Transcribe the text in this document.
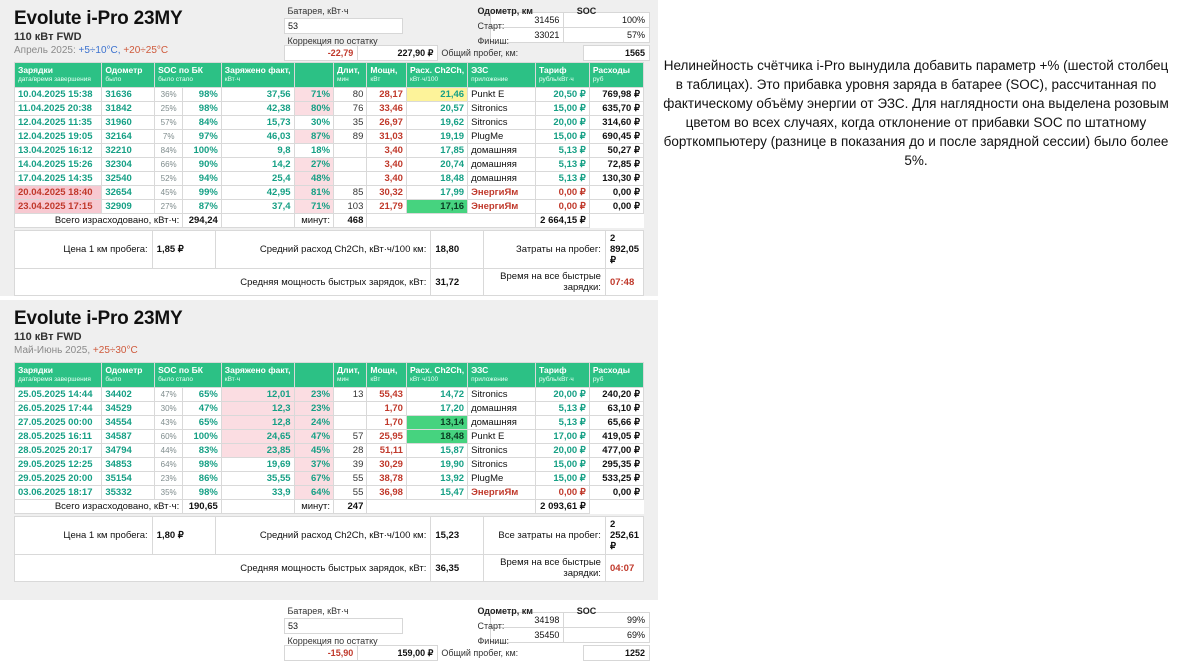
Evolute i-Pro 23MY
110 кВт FWD
Апрель 2025: +5÷10°С, +20÷25°С
Батарея, кВт·ч		Одометр, км	SOC
53		Старт:	
Коррекция по остатку		Финиш:	
		31456	100%
		33021	57%
-22,79	227,90 ₽	Общий пробег, км:	1565
Зарядки
дата/время завершения	Одометр
было	SOC по БК
было стало		Заряжено факт,
кВт·ч		Длит,
мин	Мощн,
кВт	Расх. Ch2Ch,
кВт·ч/100	ЭЗС
приложение	Тариф
рубль/кВт·ч	Расходы
руб

10.04.2025 15:38	31636	36%	98%	37,56	71%	80	28,17	21,46	Punkt E	20,50 ₽	769,98 ₽
11.04.2025 20:38	31842	25%	98%	42,38	80%	76	33,46	20,57	Sitronics	15,00 ₽	635,70 ₽
12.04.2025 11:35	31960	57%	84%	15,73	30%	35	26,97	19,62	Sitronics	20,00 ₽	314,60 ₽
12.04.2025 19:05	32164	7%	97%	46,03	87%	89	31,03	19,19	PlugMe	15,00 ₽	690,45 ₽
13.04.2025 16:12	32210	84%	100%	9,8	18%		3,40	17,85	домашняя	5,13 ₽	50,27 ₽
14.04.2025 15:26	32304	66%	90%	14,2	27%		3,40	20,74	домашняя	5,13 ₽	72,85 ₽
17.04.2025 14:35	32540	52%	94%	25,4	48%		3,40	18,48	домашняя	5,13 ₽	130,30 ₽
20.04.2025 18:40	32654	45%	99%	42,95	81%	85	30,32	17,99	ЭнергиЯм	0,00 ₽	0,00 ₽
23.04.2025 17:15	32909	27%	87%	37,4	71%	103	21,79	17,16	ЭнергиЯм	0,00 ₽	0,00 ₽
Всего израсходовано, кВт·ч:			294,24		минут:	468				2 664,15 ₽	
Цена 1 км пробега:	1,85 ₽	Средний расход Ch2Ch, кВт·ч/100 км:	18,80	Затраты на пробег:	2 892,05 ₽
Средняя мощность быстрых зарядок, кВт:			31,72	Время на все быстрые зарядки:	07:48
Evolute i-Pro 23MY
110 кВт FWD
Май-Июнь 2025, +25÷30°С
Батарея, кВт·ч		Одометр, км	SOC
53		Старт:	
Коррекция по остатку		Финиш:	
		34198	99%
		35450	69%
-15,90	159,00 ₽	Общий пробег, км:	1252
Зарядки
дата/время завершения	Одометр
было	SOC по БК
было стало		Заряжено факт,
кВт·ч		Длит,
мин	Мощн,
кВт	Расх. Ch2Ch,
кВт·ч/100	ЭЗС
приложение	Тариф
рубль/кВт·ч	Расходы
руб

25.05.2025 14:44	34402	47%	65%	12,01	23%	13	55,43	14,72	Sitronics	20,00 ₽	240,20 ₽
26.05.2025 17:44	34529	30%	47%	12,3	23%		1,70	17,20	домашняя	5,13 ₽	63,10 ₽
27.05.2025 00:00	34554	43%	65%	12,8	24%		1,70	13,14	домашняя	5,13 ₽	65,66 ₽
28.05.2025 16:11	34587	60%	100%	24,65	47%	57	25,95	18,48	Punkt E	17,00 ₽	419,05 ₽
28.05.2025 20:17	34794	44%	83%	23,85	45%	28	51,11	15,87	Sitronics	20,00 ₽	477,00 ₽
29.05.2025 12:25	34853	64%	98%	19,69	37%	39	30,29	19,90	Sitronics	15,00 ₽	295,35 ₽
29.05.2025 20:00	35154	23%	86%	35,55	67%	55	38,78	13,92	PlugMe	15,00 ₽	533,25 ₽
03.06.2025 18:17	35332	35%	98%	33,9	64%	55	36,98	15,47	ЭнергиЯм	0,00 ₽	0,00 ₽
Всего израсходовано, кВт·ч:			190,65		минут:	247				2 093,61 ₽	
Цена 1 км пробега:	1,80 ₽	Средний расход Ch2Ch, кВт·ч/100 км:	15,23	Все затраты на пробег:	2 252,61 ₽
Средняя мощность быстрых зарядок, кВт:			36,35	Время на все быстрые зарядки:	04:07
Нелинейность счётчика i-Pro вынудила добавить параметр +% (шестой столбец в таблицах). Это прибавка уровня заряда в батарее (SOC), рассчитанная по фактическому объёму энергии от ЭЗС. Для наглядности она выделена розовым цветом во всех случаях, когда отклонение от прибавки SOC по штатному борткомпьютеру (разнице в показания до и после зарядной сессии) было более 5%.
